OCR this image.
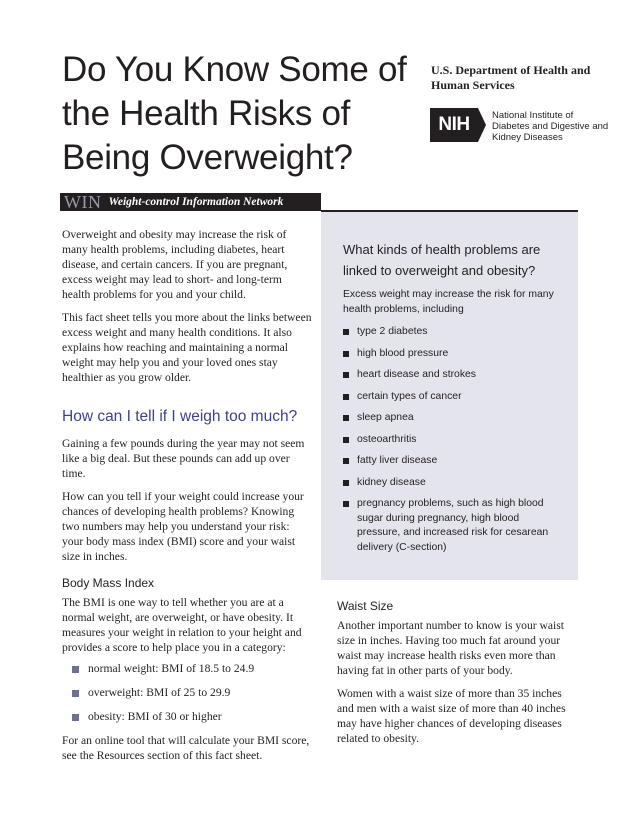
Do You Know Some of the Health Risks of Being Overweight?
U.S. Department of Health and Human Services
NIH	National Institute of Diabetes and Digestive and Kidney Diseases
WIN Weight-control Information Network

Overweight and obesity may increase the risk of many health problems, including diabetes, heart disease, and certain cancers. If you are pregnant, excess weight may lead to short- and long-term health problems for you and your child.

This fact sheet tells you more about the links between excess weight and many health conditions. It also explains how reaching and maintaining a normal weight may help you and your loved ones stay healthier as you grow older.

How can I tell if I weigh too much?

Gaining a few pounds during the year may not seem like a big deal. But these pounds can add up over time.

How can you tell if your weight could increase your chances of developing health problems? Knowing two numbers may help you understand your risk: your body mass index (BMI) score and your waist size in inches.

Body Mass Index

The BMI is one way to tell whether you are at a normal weight, are overweight, or have obesity. It measures your weight in relation to your height and provides a score to help place you in a category:

normal weight: BMI of 18.5 to 24.9
overweight: BMI of 25 to 29.9
obesity: BMI of 30 or higher

For an online tool that will calculate your BMI score, see the Resources section of this fact sheet.

What kinds of health problems are linked to overweight and obesity?
Excess weight may increase the risk for many health problems, including
type 2 diabetes
high blood pressure
heart disease and strokes
certain types of cancer
sleep apnea
osteoarthritis
fatty liver disease
kidney disease
pregnancy problems, such as high blood sugar during pregnancy, high blood pressure, and increased risk for cesarean delivery (C-section)
Waist Size

Another important number to know is your waist size in inches. Having too much fat around your waist may increase health risks even more than having fat in other parts of your body.

Women with a waist size of more than 35 inches and men with a waist size of more than 40 inches may have higher chances of developing diseases related to obesity.
